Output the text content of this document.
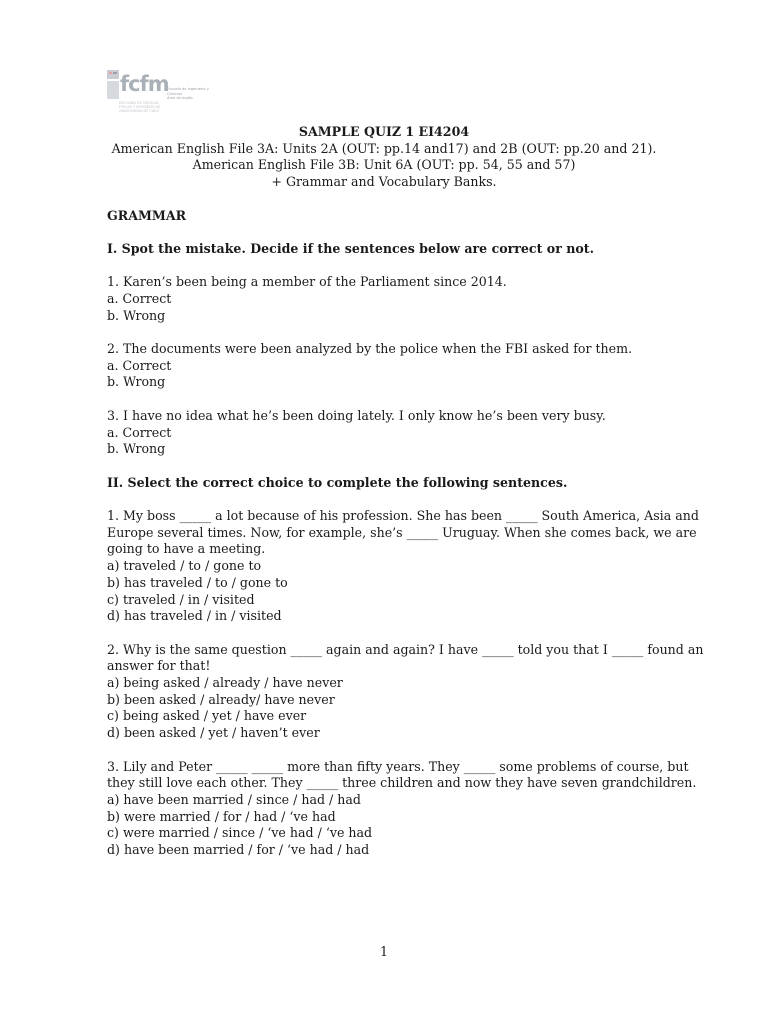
fcfm
FACULTAD DE CIENCIAS
FÍSICAS Y MATEMÁTICAS
UNIVERSIDAD DE CHILE
Escuela de Ingeniería y Ciencias
Área de Inglés
SAMPLE QUIZ 1 EI4204
American English File 3A: Units 2A (OUT: pp.14 and17) and 2B (OUT: pp.20 and 21).
American English File 3B: Unit 6A (OUT: pp. 54, 55 and 57)
+ Grammar and Vocabulary Banks.
GRAMMAR
I. Spot the mistake. Decide if the sentences below are correct or not.
1. Karen’s been being a member of the Parliament since 2014.
a. Correct
b. Wrong
2. The documents were been analyzed by the police when the FBI asked for them.
a. Correct
b. Wrong
3. I have no idea what he’s been doing lately. I only know he’s been very busy.
a. Correct
b. Wrong
II. Select the correct choice to complete the following sentences.
1. My boss _____ a lot because of his profession. She has been _____ South America, Asia and
Europe several times. Now, for example, she’s _____ Uruguay. When she comes back, we are
going to have a meeting.
a) traveled / to / gone to
b) has traveled / to / gone to
c) traveled / in / visited
d) has traveled / in / visited
2. Why is the same question _____ again and again? I have _____ told you that I _____ found an
answer for that!
a) being asked / already / have never
b) been asked / already/ have never
c) being asked / yet / have ever
d) been asked / yet / haven’t ever
3. Lily and Peter _____ _____ more than fifty years. They _____ some problems of course, but
they still love each other. They _____ three children and now they have seven grandchildren.
a) have been married / since / had / had
b) were married / for / had / ‘ve had
c) were married / since / ‘ve had / ‘ve had
d) have been married / for / ‘ve had / had
1
